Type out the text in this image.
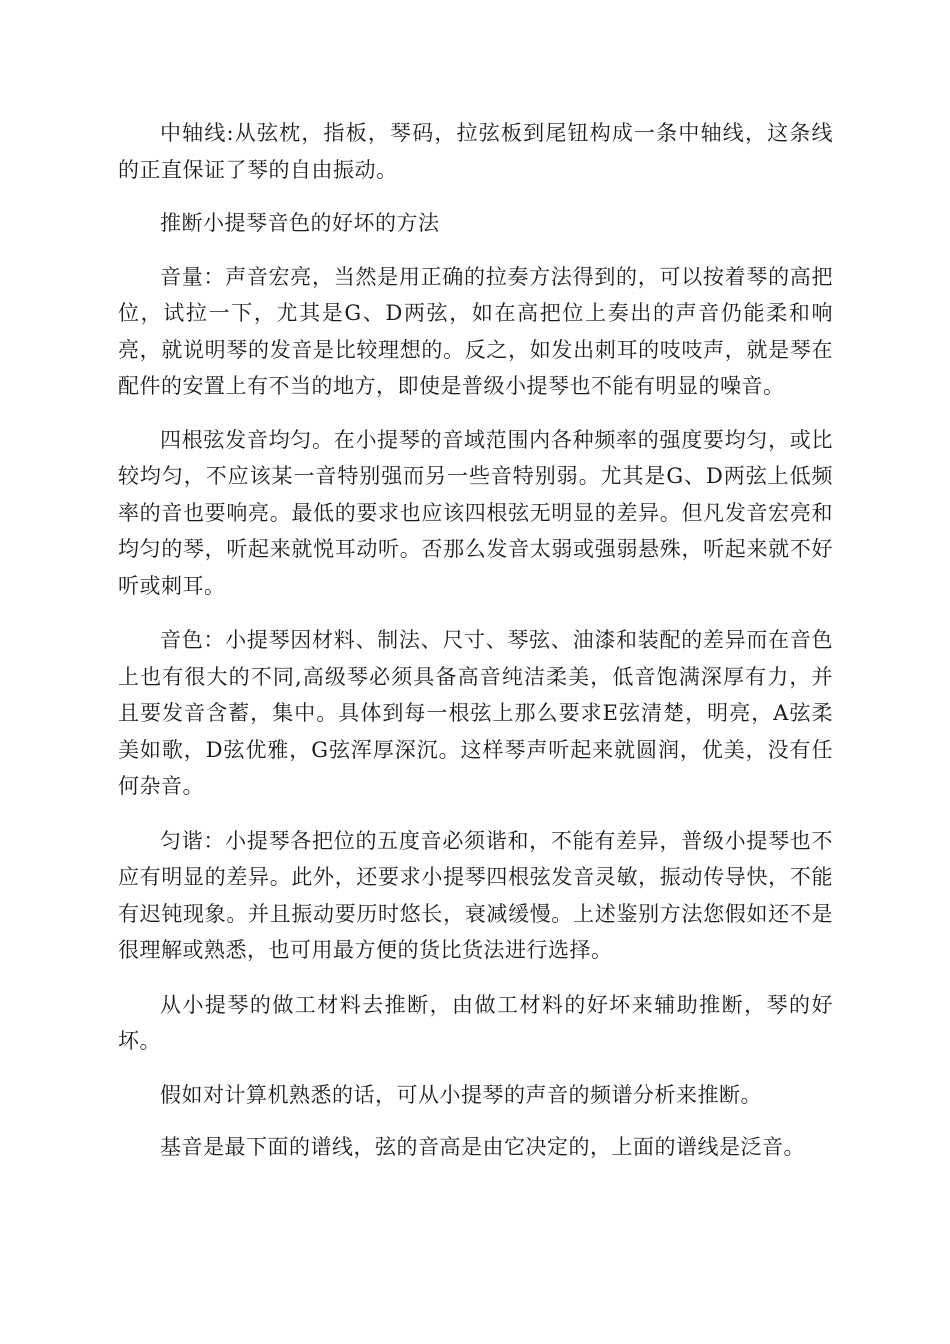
中轴线:从弦枕，指板，琴码，拉弦板到尾钮构成一条中轴线，这条线的正直保证了琴的自由振动。

推断小提琴音色的好坏的方法

音量：声音宏亮，当然是用正确的拉奏方法得到的，可以按着琴的高把位，试拉一下，尤其是G、D两弦，如在高把位上奏出的声音仍能柔和响亮，就说明琴的发音是比较理想的。反之，如发出刺耳的吱吱声，就是琴在配件的安置上有不当的地方，即使是普级小提琴也不能有明显的噪音。

四根弦发音均匀。在小提琴的音域范围内各种频率的强度要均匀，或比较均匀，不应该某一音特别强而另一些音特别弱。尤其是G、D两弦上低频率的音也要响亮。最低的要求也应该四根弦无明显的差异。但凡发音宏亮和均匀的琴，听起来就悦耳动听。否那么发音太弱或强弱悬殊，听起来就不好听或刺耳。

音色：小提琴因材料、制法、尺寸、琴弦、油漆和装配的差异而在音色上也有很大的不同,高级琴必须具备高音纯洁柔美，低音饱满深厚有力，并且要发音含蓄，集中。具体到每一根弦上那么要求E弦清楚，明亮，A弦柔美如歌，D弦优雅，G弦浑厚深沉。这样琴声听起来就圆润，优美，没有任何杂音。

匀谐：小提琴各把位的五度音必须谐和，不能有差异，普级小提琴也不应有明显的差异。此外，还要求小提琴四根弦发音灵敏，振动传导快，不能有迟钝现象。并且振动要历时悠长，衰减缓慢。上述鉴别方法您假如还不是很理解或熟悉，也可用最方便的货比货法进行选择。

从小提琴的做工材料去推断，由做工材料的好坏来辅助推断，琴的好坏。

假如对计算机熟悉的话，可从小提琴的声音的频谱分析来推断。

基音是最下面的谱线，弦的音高是由它决定的，上面的谱线是泛音。
